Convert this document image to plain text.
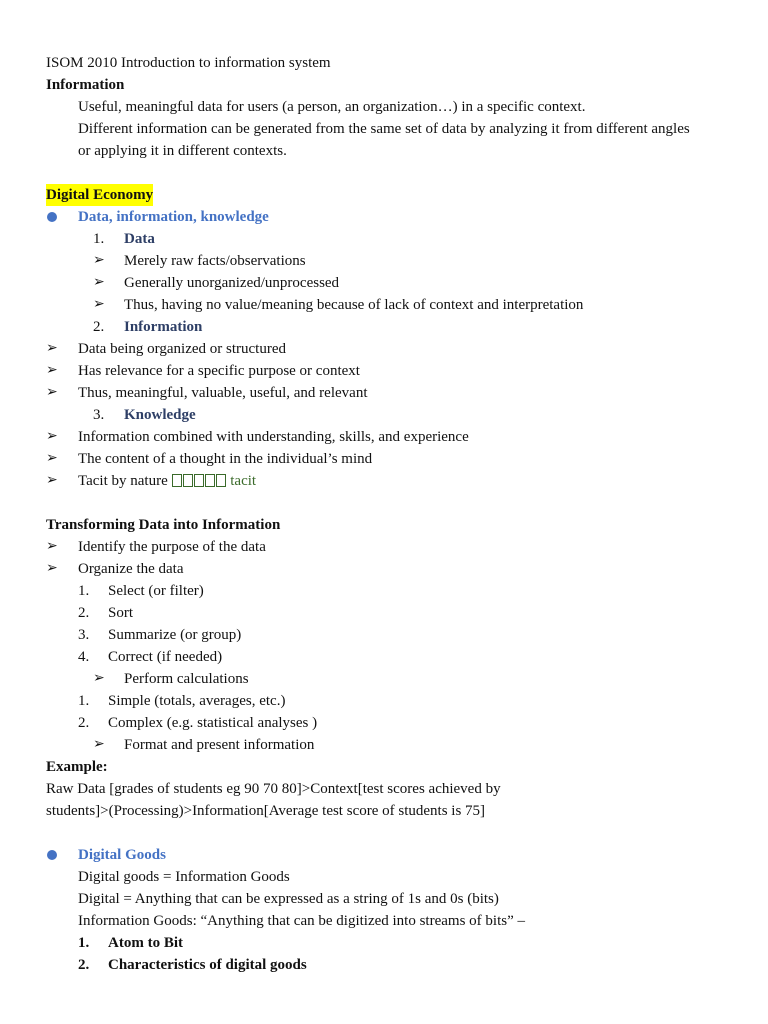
ISOM 2010 Introduction to information system
Information
Useful, meaningful data for users (a person, an organization…) in a specific context.
Different information can be generated from the same set of data by analyzing it from different angles
or applying it in different contexts.
Digital Economy
Data, information, knowledge
1. Data
➢ Merely raw facts/observations
➢ Generally unorganized/unprocessed
➢ Thus, having no value/meaning because of lack of context and interpretation
2. Information
➢ Data being organized or structured
➢ Has relevance for a specific purpose or context
➢ Thus, meaningful, valuable, useful, and relevant
3. Knowledge
➢ Information combined with understanding, skills, and experience
➢ The content of a thought in the individual’s mind
➢ Tacit by nature	tacit
Transforming Data into Information
➢ Identify the purpose of the data
➢ Organize the data
1. Select (or filter)
2. Sort
3. Summarize (or group)
4. Correct (if needed)
➢ Perform calculations
1. Simple (totals, averages, etc.)
2. Complex (e.g. statistical analyses )
➢ Format and present information
Example:
Raw Data [grades of students eg 90 70 80]>Context[test scores achieved by
students]>(Processing)>Information[Average test score of students is 75]
Digital Goods
Digital goods = Information Goods
Digital = Anything that can be expressed as a string of 1s and 0s (bits)
Information Goods: “Anything that can be digitized into streams of bits” –
1. Atom to Bit
2. Characteristics of digital goods
